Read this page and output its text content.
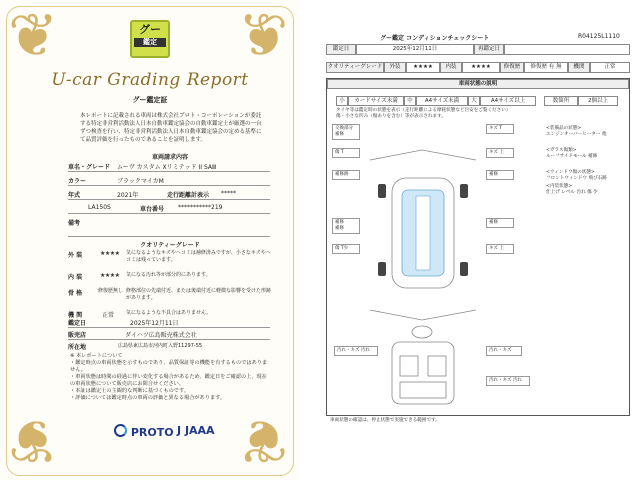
❦	❦
❦	❦
グー
鑑定
U-car Grading Report
グー鑑定証
本レポートに記載される車両は株式会社プロト・コーポレーションが委託する特定非営利活動法人日本自動車鑑定協会の自動車鑑定士が厳選の一台ずつ検査を行い、特定非営利活動法人日本自動車鑑定協会の定める基準にて品質評価を行ったものであることを証明します。
車両請求内容
車名・グレード ムーヴ カスタム Xリミテッド II SAⅢ
カラー	ブラックマイカM
年式	2021年	走行距離計表示 *****
LA150S	車台番号 ***********219
備考
クオリティーグレード
外 装	★★★★ 気になるようなキズやヘコミは補修済みですが、小さなキズやヘコミは残っています。
内 装	★★★★ 気になる汚れ等が部分的にあります。
骨 格	修復歴無し 修格部位の先端付近、または後端付近に軽微な影響を受けた形跡があります。
機 関	正常 気になるような不具合はありません。
鑑定日	2025年12月11日
販売店	ダイハツ広島販売株式会社
所在地	広島県東広島市河内町入野11297-55
※ 本レポートについて
・鑑定時点の車両状態を示すものであり、品質保証等の機能を有するものではありません。
・車両状態は時間の経過に伴い変化する場合があるため、鑑定日をご確認の上、現在の車両状態について販売店にお問合せください。
・本証は鑑定士の主観的な判断に基づくものです。
・評価については鑑定時点の車両の評価と異なる場合があります。
PROTO J JAAA
グー鑑定 コンディションチェックシート	R04125L1110
鑑定日	2025年12月11日	再鑑定日
クオリティーグレード	外装	★★★★	内装	★★★★	修復歴	修復歴 有 無	機関	正常
車両状態の説明
小	カードサイズ未満	中	A4サイズ未満	大	A4サイズ以上	数箇所	2個以上
タイヤ等は鑑定時の状態を表示（走行距離による摩耗状態など目安をご覧ください）
傷・小さな凹み（傷ありを含む）等が表示されます。
交換部分
補修
傷 T
補修跡
補修
補修
傷 T少
キズ T
キズ 上
補修
補修
キズ 上
汚れ・キズ 汚れ	汚れ・キズ
汚れ・キズ 汚れ
<装備品の状態>
エンジンオーバーヒーター 他
<ガラス傷類>
ルーフサイドモール 補修
<ウィンドウ傷の状態>
フロントウィンドウ 飛び石跡
<内装状態>
仕上げ レベル 汚れ 傷 少
車両状態の確認は、停止状態で実施できる範囲です。
